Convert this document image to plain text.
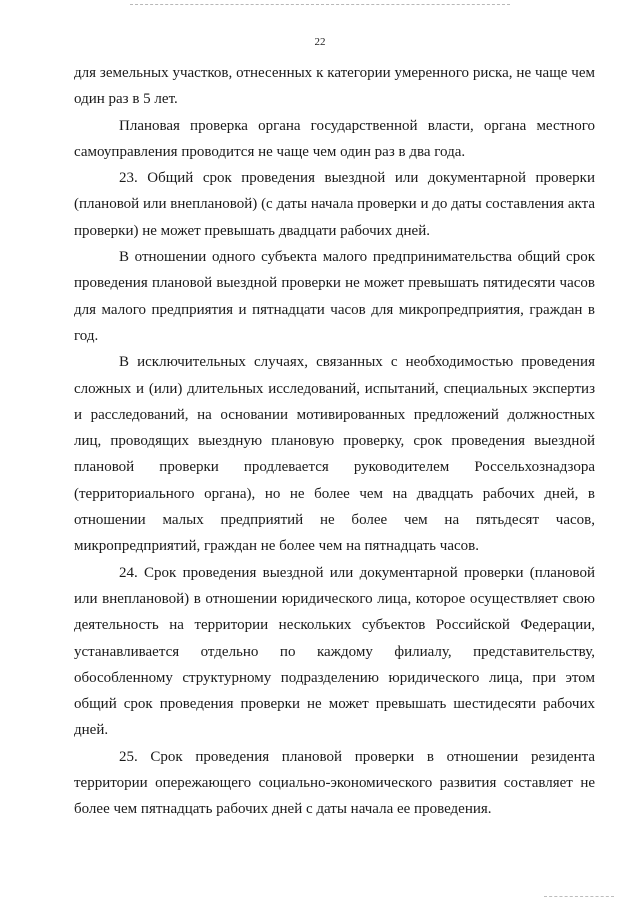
22

для земельных участков, отнесенных к категории умеренного риска, не чаще чем один раз в 5 лет.

Плановая проверка органа государственной власти, органа местного самоуправления проводится не чаще чем один раз в два года.

23. Общий срок проведения выездной или документарной проверки (плановой или внеплановой) (с даты начала проверки и до даты составления акта проверки) не может превышать двадцати рабочих дней.

В отношении одного субъекта малого предпринимательства общий срок проведения плановой выездной проверки не может превышать пятидесяти часов для малого предприятия и пятнадцати часов для микропредприятия, граждан в год.

В исключительных случаях, связанных с необходимостью проведения сложных и (или) длительных исследований, испытаний, специальных экспертиз и расследований, на основании мотивированных предложений должностных лиц, проводящих выездную плановую проверку, срок проведения выездной плановой проверки продлевается руководителем Россельхознадзора (территориального органа), но не более чем на двадцать рабочих дней, в отношении малых предприятий не более чем на пятьдесят часов, микропредприятий, граждан не более чем на пятнадцать часов.

24. Срок проведения выездной или документарной проверки (плановой или внеплановой) в отношении юридического лица, которое осуществляет свою деятельность на территории нескольких субъектов Российской Федерации, устанавливается отдельно по каждому филиалу, представительству, обособленному структурному подразделению юридического лица, при этом общий срок проведения проверки не может превышать шестидесяти рабочих дней.

25. Срок проведения плановой проверки в отношении резидента территории опережающего социально-экономического развития составляет не более чем пятнадцать рабочих дней с даты начала ее проведения.
